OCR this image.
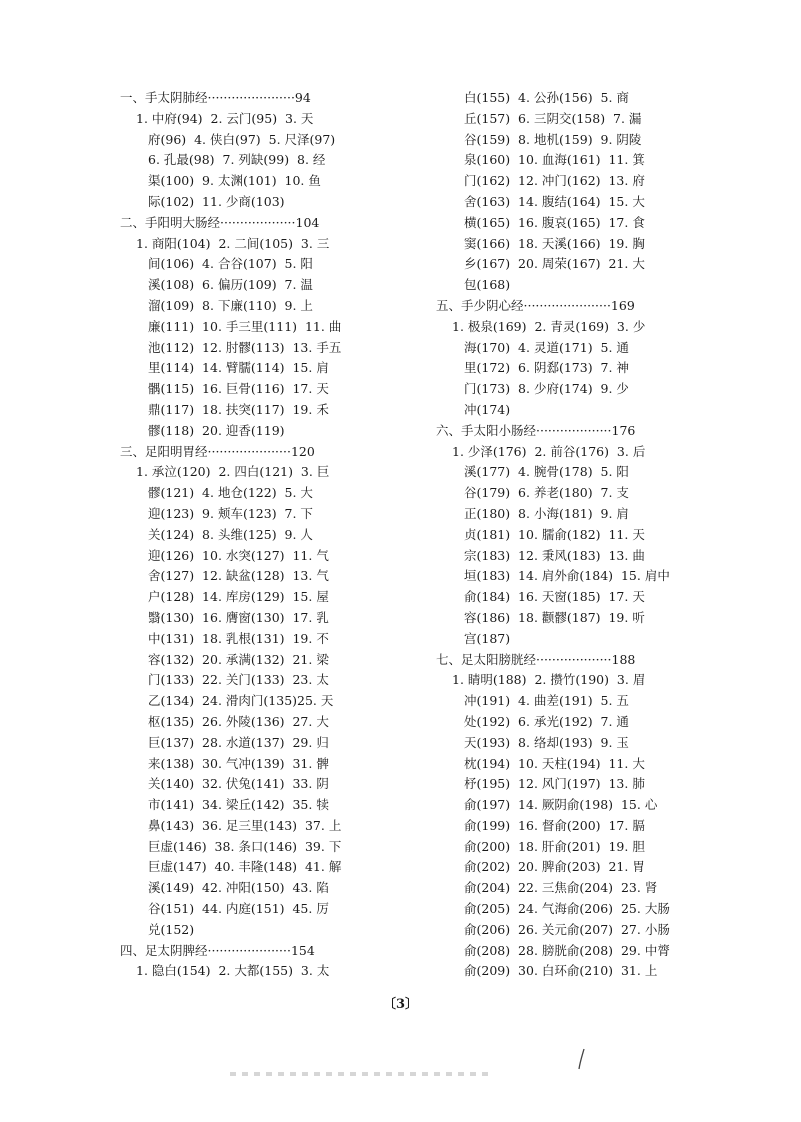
一、手太阴肺经······················94
1. 中府(94)  2. 云门(95)  3. 天
府(96)  4. 侠白(97)  5. 尺泽(97)
6. 孔最(98)  7. 列缺(99)  8. 经
渠(100)  9. 太渊(101)  10. 鱼
际(102)  11. 少商(103)
二、手阳明大肠经···················104
1. 商阳(104)  2. 二间(105)  3. 三
间(106)  4. 合谷(107)  5. 阳
溪(108)  6. 偏历(109)  7. 温
溜(109)  8. 下廉(110)  9. 上
廉(111)  10. 手三里(111)  11. 曲
池(112)  12. 肘髎(113)  13. 手五
里(114)  14. 臂臑(114)  15. 肩
髃(115)  16. 巨骨(116)  17. 天
鼎(117)  18. 扶突(117)  19. 禾
髎(118)  20. 迎香(119)
三、足阳明胃经·····················120
1. 承泣(120)  2. 四白(121)  3. 巨
髎(121)  4. 地仓(122)  5. 大
迎(123)  9. 颊车(123)  7. 下
关(124)  8. 头维(125)  9. 人
迎(126)  10. 水突(127)  11. 气
舍(127)  12. 缺盆(128)  13. 气
户(128)  14. 库房(129)  15. 屋
翳(130)  16. 膺窗(130)  17. 乳
中(131)  18. 乳根(131)  19. 不
容(132)  20. 承满(132)  21. 梁
门(133)  22. 关门(133)  23. 太
乙(134)  24. 滑肉门(135)25. 天
枢(135)  26. 外陵(136)  27. 大
巨(137)  28. 水道(137)  29. 归
来(138)  30. 气冲(139)  31. 髀
关(140)  32. 伏兔(141)  33. 阴
市(141)  34. 梁丘(142)  35. 犊
鼻(143)  36. 足三里(143)  37. 上
巨虚(146)  38. 条口(146)  39. 下
巨虚(147)  40. 丰隆(148)  41. 解
溪(149)  42. 冲阳(150)  43. 陷
谷(151)  44. 内庭(151)  45. 厉
兑(152)
四、足太阴脾经·····················154
1. 隐白(154)  2. 大都(155)  3. 太
白(155)  4. 公孙(156)  5. 商
丘(157)  6. 三阴交(158)  7. 漏
谷(159)  8. 地机(159)  9. 阴陵
泉(160)  10. 血海(161)  11. 箕
门(162)  12. 冲门(162)  13. 府
舍(163)  14. 腹结(164)  15. 大
横(165)  16. 腹哀(165)  17. 食
窦(166)  18. 天溪(166)  19. 胸
乡(167)  20. 周荣(167)  21. 大
包(168)
五、手少阴心经······················169
1. 极泉(169)  2. 青灵(169)  3. 少
海(170)  4. 灵道(171)  5. 通
里(172)  6. 阴郄(173)  7. 神
门(173)  8. 少府(174)  9. 少
冲(174)
六、手太阳小肠经···················176
1. 少泽(176)  2. 前谷(176)  3. 后
溪(177)  4. 腕骨(178)  5. 阳
谷(179)  6. 养老(180)  7. 支
正(180)  8. 小海(181)  9. 肩
贞(181)  10. 臑俞(182)  11. 天
宗(183)  12. 秉风(183)  13. 曲
垣(183)  14. 肩外俞(184)  15. 肩中
俞(184)  16. 天窗(185)  17. 天
容(186)  18. 颧髎(187)  19. 听
宫(187)
七、足太阳膀胱经···················188
1. 睛明(188)  2. 攒竹(190)  3. 眉
冲(191)  4. 曲差(191)  5. 五
处(192)  6. 承光(192)  7. 通
天(193)  8. 络却(193)  9. 玉
枕(194)  10. 天柱(194)  11. 大
杼(195)  12. 风门(197)  13. 肺
俞(197)  14. 厥阴俞(198)  15. 心
俞(199)  16. 督俞(200)  17. 膈
俞(200)  18. 肝俞(201)  19. 胆
俞(202)  20. 脾俞(203)  21. 胃
俞(204)  22. 三焦俞(204)  23. 肾
俞(205)  24. 气海俞(206)  25. 大肠
俞(206)  26. 关元俞(207)  27. 小肠
俞(208)  28. 膀胱俞(208)  29. 中膂
俞(209)  30. 白环俞(210)  31. 上
〔3〕
